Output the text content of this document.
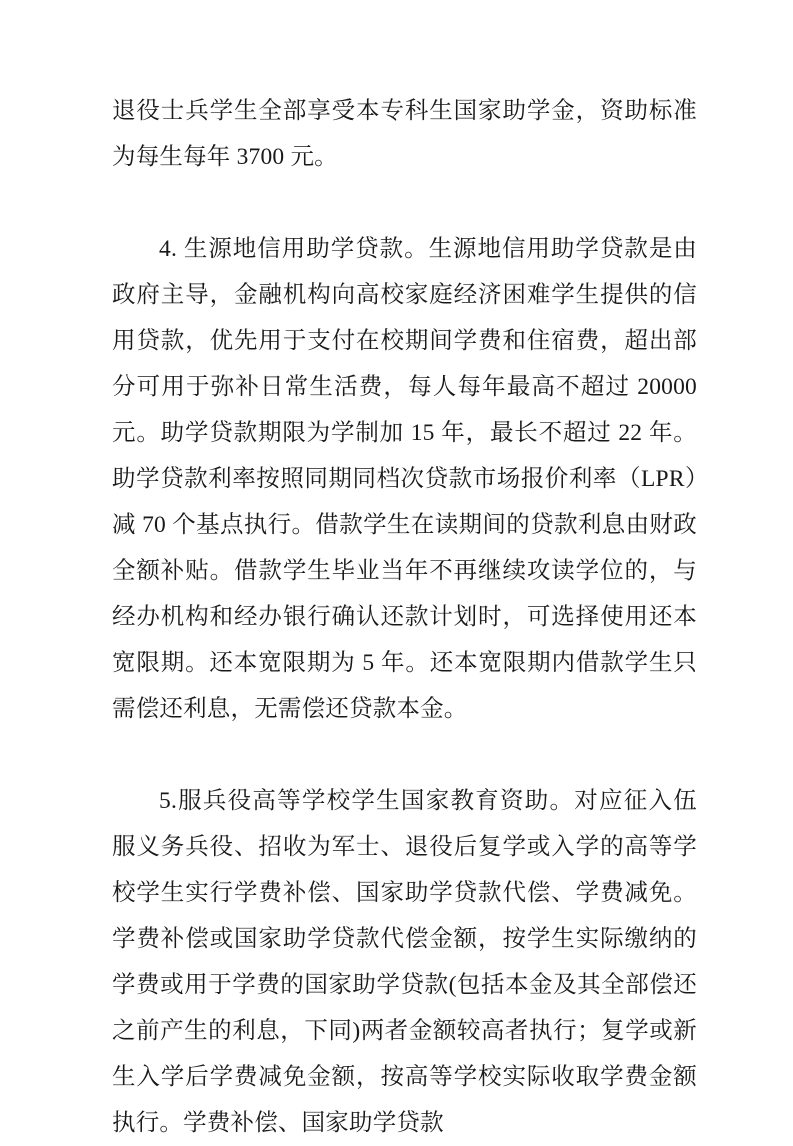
退役士兵学生全部享受本专科生国家助学金，资助标准为每生每年 3700 元。

4. 生源地信用助学贷款。生源地信用助学贷款是由政府主导，金融机构向高校家庭经济困难学生提供的信用贷款，优先用于支付在校期间学费和住宿费，超出部分可用于弥补日常生活费，每人每年最高不超过 20000 元。助学贷款期限为学制加 15 年，最长不超过 22 年。助学贷款利率按照同期同档次贷款市场报价利率（LPR）减 70 个基点执行。借款学生在读期间的贷款利息由财政全额补贴。借款学生毕业当年不再继续攻读学位的，与经办机构和经办银行确认还款计划时，可选择使用还本宽限期。还本宽限期为 5 年。还本宽限期内借款学生只需偿还利息，无需偿还贷款本金。

5.服兵役高等学校学生国家教育资助。对应征入伍服义务兵役、招收为军士、退役后复学或入学的高等学校学生实行学费补偿、国家助学贷款代偿、学费减免。学费补偿或国家助学贷款代偿金额，按学生实际缴纳的学费或用于学费的国家助学贷款(包括本金及其全部偿还之前产生的利息，下同)两者金额较高者执行；复学或新生入学后学费减免金额，按高等学校实际收取学费金额执行。学费补偿、国家助学贷款
